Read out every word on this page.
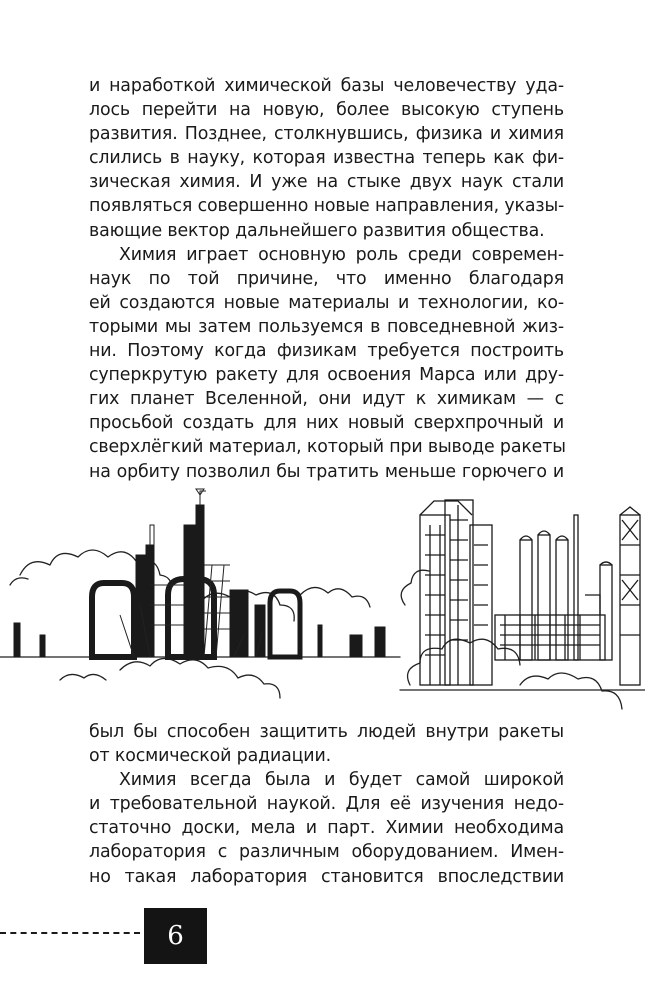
и наработкой химической базы человечеству уда-
лось перейти на новую, более высокую ступень
развития. Позднее, столкнувшись, физика и химия
слились в науку, которая известна теперь как фи-
зическая химия. И уже на стыке двух наук стали
появляться совершенно новые направления, указы-
вающие вектор дальнейшего развития общества.
Химия играет основную роль среди современ-
наук по той причине, что именно благодаря
ей создаются новые материалы и технологии, ко-
торыми мы затем пользуемся в повседневной жиз-
ни. Поэтому когда физикам требуется построить
суперкрутую ракету для освоения Марса или дру-
гих планет Вселенной, они идут к химикам — с
просьбой создать для них новый сверхпрочный и
сверхлёгкий материал, который при выводе ракеты
на орбиту позволил бы тратить меньше горючего и
был бы способен защитить людей внутри ракеты
от космической радиации.
Химия всегда была и будет самой широкой
и требовательной наукой. Для её изучения недо-
статочно доски, мела и парт. Химии необходима
лаборатория с различным оборудованием. Имен-
но такая лаборатория становится впоследствии
6
